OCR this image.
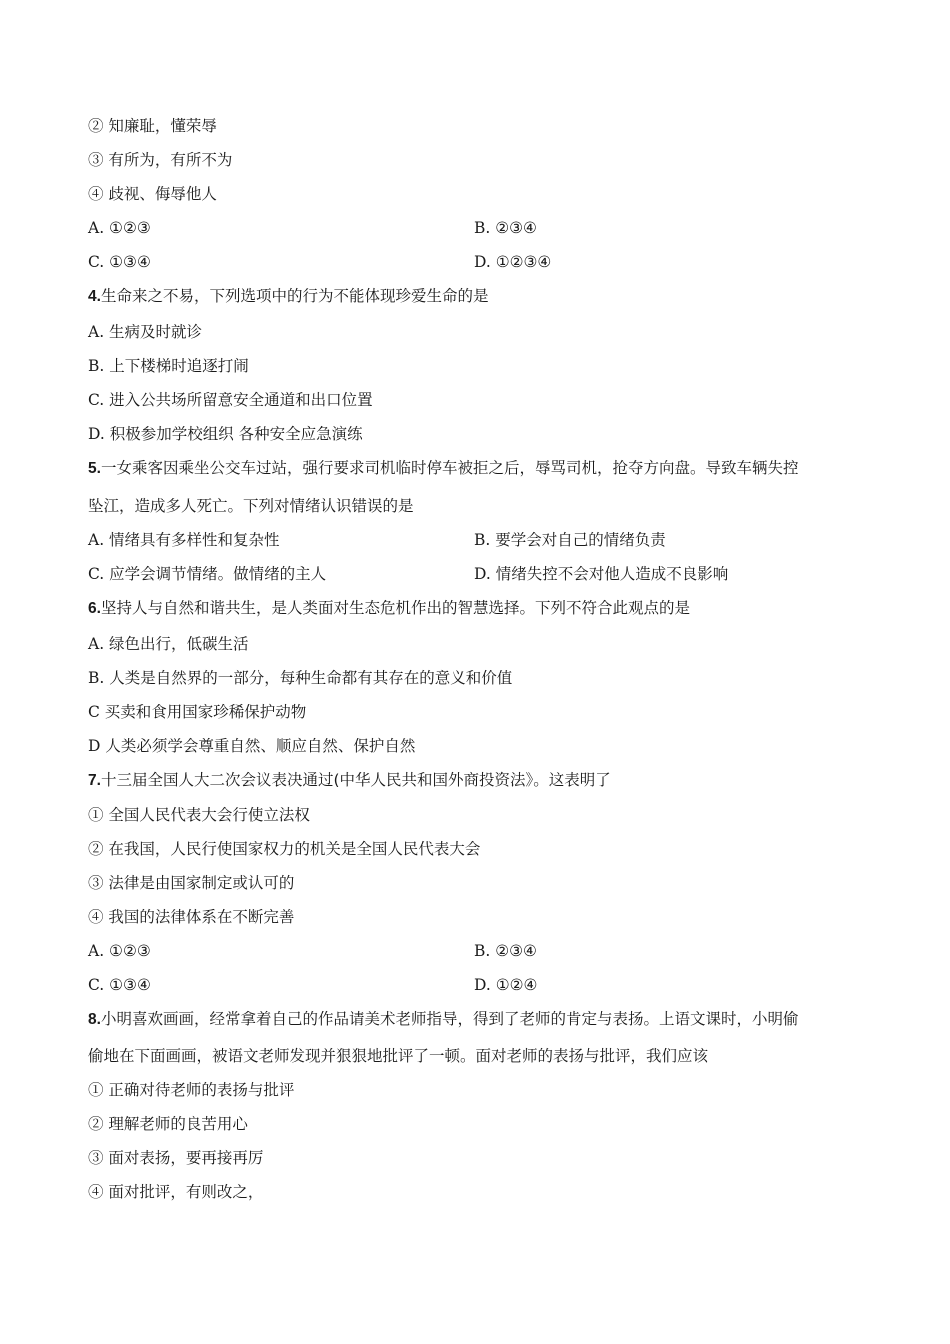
② 知廉耻，懂荣辱
③ 有所为，有所不为
④ 歧视、侮辱他人
A. ①②③	B. ②③④
C. ①③④	D. ①②③④
4.生命来之不易，下列选项中的行为不能体现珍爱生命的是
A. 生病及时就诊
B. 上下楼梯时追逐打闹
C. 进入公共场所留意安全通道和出口位置
D. 积极参加学校组织 各种安全应急演练
5.一女乘客因乘坐公交车过站，强行要求司机临时停车被拒之后，辱骂司机，抢夺方向盘。导致车辆失控
坠江，造成多人死亡。下列对情绪认识错误的是
A. 情绪具有多样性和复杂性	B. 要学会对自己的情绪负责
C. 应学会调节情绪。做情绪的主人	D. 情绪失控不会对他人造成不良影响
6.坚持人与自然和谐共生，是人类面对生态危机作出的智慧选择。下列不符合此观点的是
A. 绿色出行，低碳生活
B. 人类是自然界的一部分，每种生命都有其存在的意义和价值
C 买卖和食用国家珍稀保护动物
D 人类必须学会尊重自然、顺应自然、保护自然
7.十三届全国人大二次会议表决通过(中华人民共和国外商投资法》。这表明了
① 全国人民代表大会行使立法权
② 在我国，人民行使国家权力的机关是全国人民代表大会
③ 法律是由国家制定或认可的
④ 我国的法律体系在不断完善
A. ①②③	B. ②③④
C. ①③④	D. ①②④
8.小明喜欢画画，经常拿着自己的作品请美术老师指导，得到了老师的肯定与表扬。上语文课时，小明偷
偷地在下面画画，被语文老师发现并狠狠地批评了一顿。面对老师的表扬与批评，我们应该
① 正确对待老师的表扬与批评
② 理解老师的良苦用心
③ 面对表扬，要再接再厉
④ 面对批评，有则改之，
